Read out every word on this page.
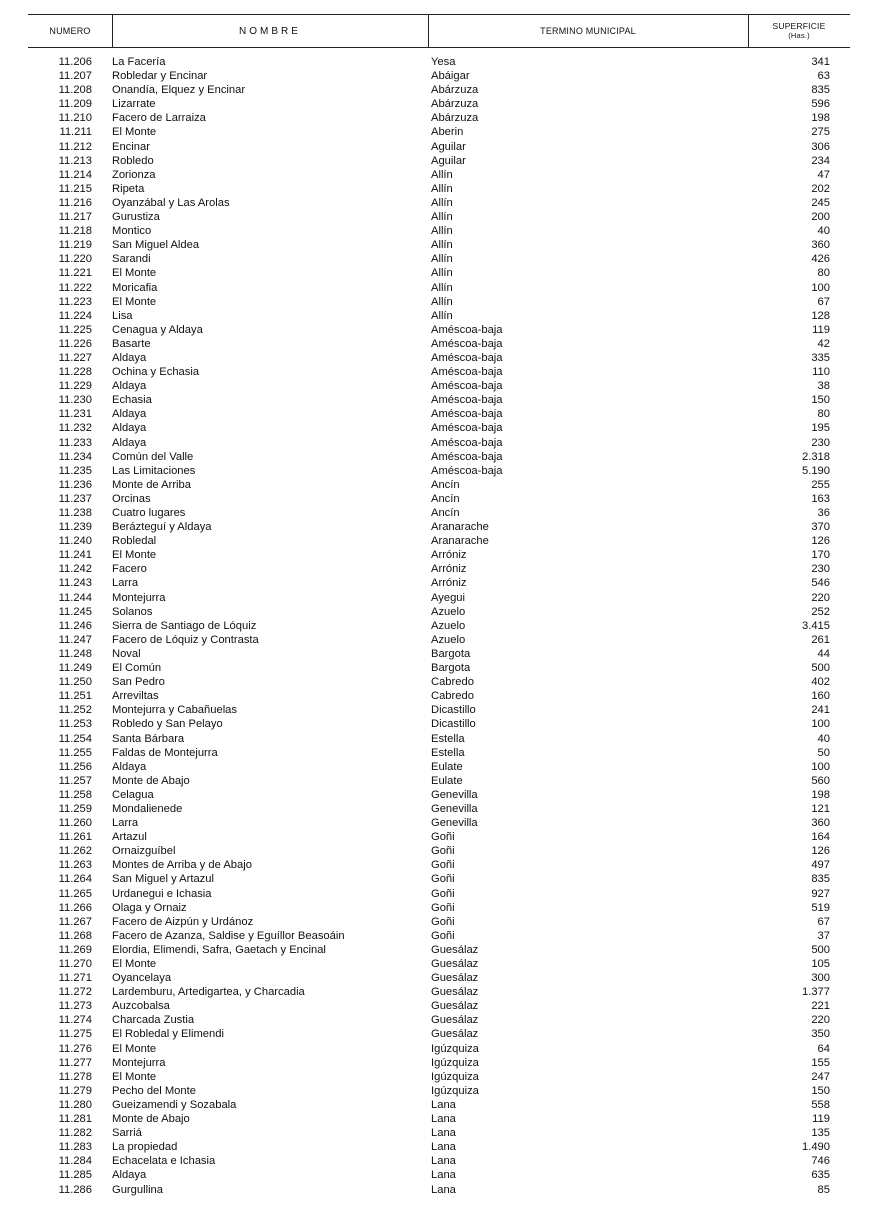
NUMERO	NOMBRE	TERMINO MUNICIPAL	SUPERFICIE
(Has.)
11.206 La Facería	Yesa	341
11.207 Robledar y Encinar	Abáigar	63
11.208 Onandía, Elquez y Encinar	Abárzuza	835
11.209 Lizarrate	Abárzuza	596
11.210 Facero de Larraiza	Abárzuza	198
11.211 El Monte	Aberin	275
11.212 Encinar	Aguilar	306
11.213 Robledo	Aguilar	234
11.214 Zorionza	Allín	47
11.215 Ripeta	Allín	202
11.216 Oyanzábal y Las Arolas	Allín	245
11.217 Gurustiza	Allín	200
11.218 Montico	Allín	40
11.219 San Miguel Aldea	Allín	360
11.220 Sarandi	Allín	426
11.221 El Monte	Allín	80
11.222 Moricafia	Allín	100
11.223 El Monte	Allín	67
11.224 Lisa	Allín	128
11.225 Cenagua y Aldaya	Améscoa-baja	119
11.226 Basarte	Améscoa-baja	42
11.227 Aldaya	Améscoa-baja	335
11.228 Ochina y Echasia	Améscoa-baja	110
11.229 Aldaya	Améscoa-baja	38
11.230 Echasia	Améscoa-baja	150
11.231 Aldaya	Améscoa-baja	80
11.232 Aldaya	Améscoa-baja	195
11.233 Aldaya	Améscoa-baja	230
11.234 Común del Valle	Améscoa-baja	2.318
11.235 Las Limitaciones	Améscoa-baja	5.190
11.236 Monte de Arriba	Ancín	255
11.237 Orcinas	Ancín	163
11.238 Cuatro lugares	Ancín	36
11.239 Berázteguí y Aldaya	Aranarache	370
11.240 Robledal	Aranarache	126
11.241 El Monte	Arróniz	170
11.242 Facero	Arróniz	230
11.243 Larra	Arróniz	546
11.244 Montejurra	Ayegui	220
11.245 Solanos	Azuelo	252
11.246 Sierra de Santiago de Lóquiz	Azuelo	3.415
11.247 Facero de Lóquiz y Contrasta	Azuelo	261
11.248 Noval	Bargota	44
11.249 El Común	Bargota	500
11.250 San Pedro	Cabredo	402
11.251 Arreviltas	Cabredo	160
11.252 Montejurra y Cabañuelas	Dicastillo	241
11.253 Robledo y San Pelayo	Dicastillo	100
11.254 Santa Bárbara	Estella	40
11.255 Faldas de Montejurra	Estella	50
11.256 Aldaya	Eulate	100
11.257 Monte de Abajo	Eulate	560
11.258 Celagua	Genevilla	198
11.259 Mondalienede	Genevilla	121
11.260 Larra	Genevilla	360
11.261 Artazul	Goñi	164
11.262 Ornaizguíbel	Goñi	126
11.263 Montes de Arriba y de Abajo	Goñi	497
11.264 San Miguel y Artazul	Goñi	835
11.265 Urdanegui e Ichasia	Goñi	927
11.266 Olaga y Ornaiz	Goñi	519
11.267 Facero de Aizpún y Urdánoz	Goñi	67
11.268 Facero de Azanza, Saldise y Eguíllor Beasoáin	Goñi	37
11.269 Elordia, Elimendi, Safra, Gaetach y Encinal	Guesálaz	500
11.270 El Monte	Guesálaz	105
11.271 Oyancelaya	Guesálaz	300
11.272 Lardemburu, Artedigartea, y Charcadia	Guesálaz	1.377
11.273 Auzcobalsa	Guesálaz	221
11.274 Charcada Zustia	Guesálaz	220
11.275 El Robledal y Elimendi	Guesálaz	350
11.276 El Monte	Igúzquiza	64
11.277 Montejurra	Igúzquiza	155
11.278 El Monte	Igúzquiza	247
11.279 Pecho del Monte	Igúzquiza	150
11.280 Gueizamendi y Sozabala	Lana	558
11.281 Monte de Abajo	Lana	119
11.282 Sarriá	Lana	135
11.283 La propiedad	Lana	1.490
11.284 Echacelata e Ichasia	Lana	746
11.285 Aldaya	Lana	635
11.286 Gurgullina	Lana	85
